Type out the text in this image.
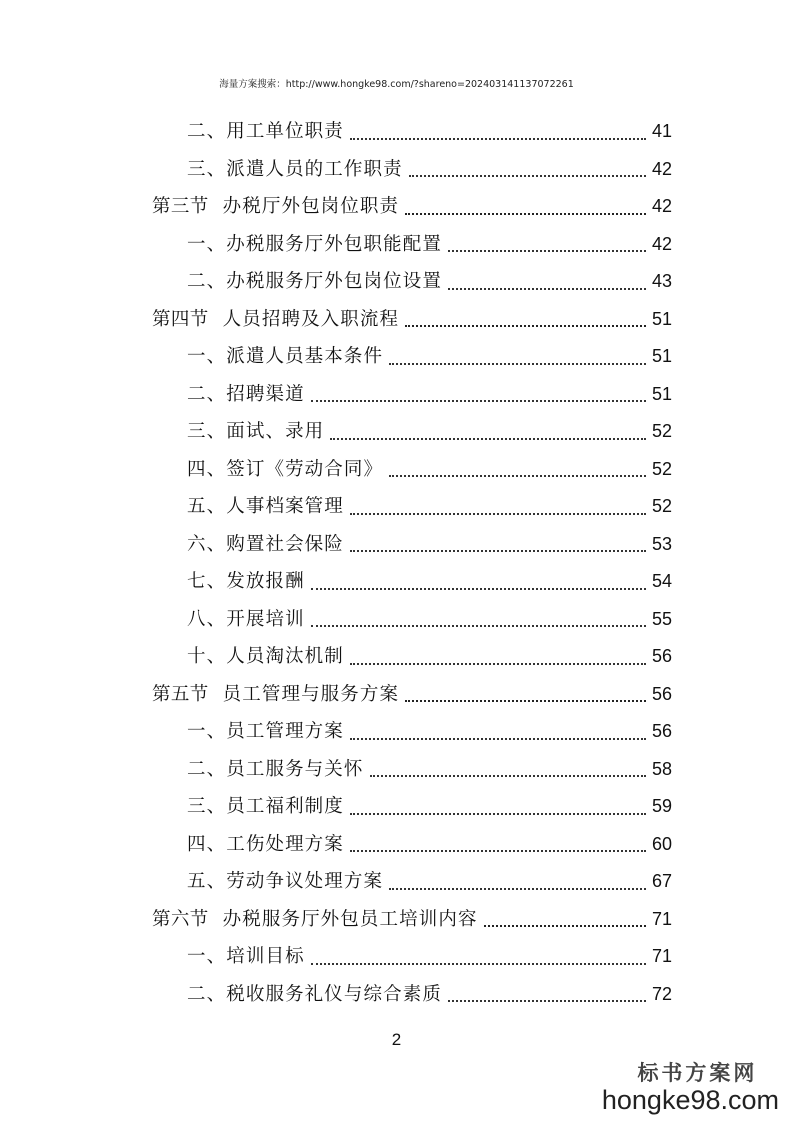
海量方案搜索：http://www.hongke98.com/?shareno=20240314113707226​1
二、 用工单位职责	41
三、 派遣人员的工作职责	42
第三节 办税厅外包岗位职责	42
一、 办税服务厅外包职能配置	42
二、 办税服务厅外包岗位设置	43
第四节 人员招聘及入职流程	51
一、 派遣人员基本条件	51
二、 招聘渠道	51
三、 面试、录用	52
四、 签订《劳动合同》	52
五、 人事档案管理	52
六、 购置社会保险	53
七、 发放报酬	54
八、 开展培训	55
十、 人员淘汰机制	56
第五节 员工管理与服务方案	56
一、 员工管理方案	56
二、 员工服务与关怀	58
三、 员工福利制度	59
四、 工伤处理方案	60
五、 劳动争议处理方案	67
第六节 办税服务厅外包员工培训内容	71
一、 培训目标	71
二、 税收服务礼仪与综合素质	72
2
标书方案网
hongke98.com
